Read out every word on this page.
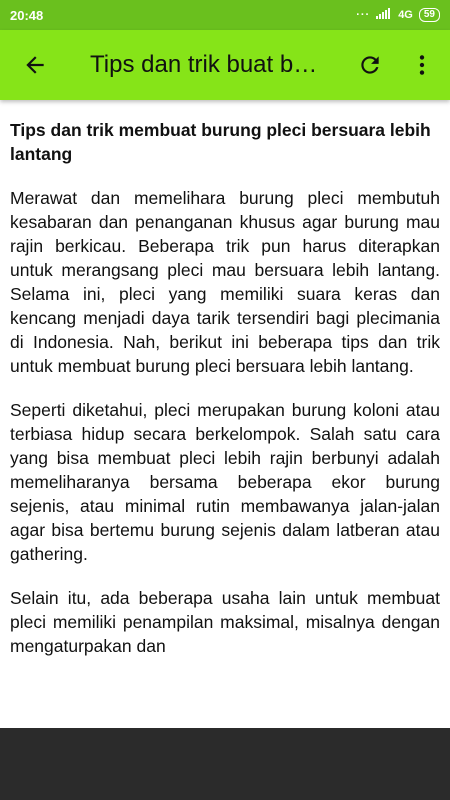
20:48	···	4G	59
Tips dan trik buat b…
Tips dan trik membuat burung pleci bersuara lebih lantang

Merawat dan memelihara burung pleci membutuh kesabaran dan penanganan khusus agar burung mau rajin berkicau. Beberapa trik pun harus diterapkan untuk merangsang pleci mau bersuara lebih lantang. Selama ini, pleci yang memiliki suara keras dan kencang menjadi daya tarik tersendiri bagi plecimania di Indonesia. Nah, berikut ini beberapa tips dan trik untuk membuat burung pleci bersuara lebih lantang.

Seperti diketahui, pleci merupakan burung koloni atau terbiasa hidup secara berkelompok. Salah satu cara yang bisa membuat pleci lebih rajin berbunyi adalah memeliharanya bersama beberapa ekor burung sejenis, atau minimal rutin membawanya jalan-jalan agar bisa bertemu burung sejenis dalam latberan atau gathering.

Selain itu, ada beberapa usaha lain untuk membuat pleci memiliki penampilan maksimal, misalnya dengan mengaturpakan dan
